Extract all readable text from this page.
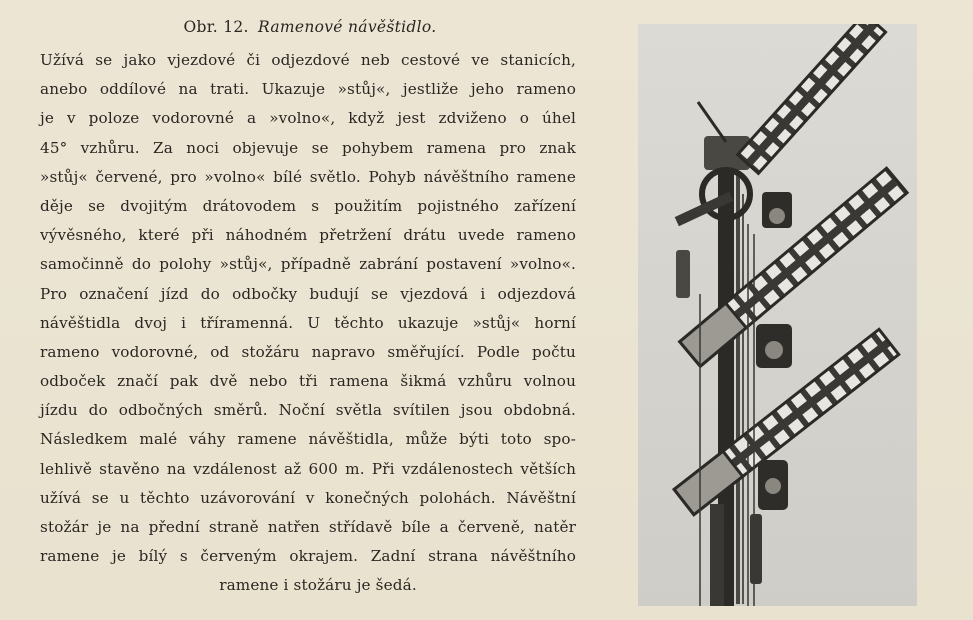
Obr. 12. Ramenové návěštidlo.
Užívá se jako vjezdové či odjezdové neb cestové ve stanicích,
anebo oddílové na trati. Ukazuje »stůj«, jestliže jeho rameno
je v poloze vodorovné a »volno«, když jest zdviženo o úhel
45° vzhůru. Za noci objevuje se pohybem ramena pro znak
»stůj« červené, pro »volno« bílé světlo. Pohyb návěštního ramene
děje se dvojitým drátovodem s použitím pojistného zařízení
vývěsného, které při náhodném přetržení drátu uvede rameno
samočinně do polohy »stůj«, případně zabrání postavení »volno«.
Pro označení jízd do odbočky budují se vjezdová i odjezdová
návěštidla dvoj i tříramenná. U těchto ukazuje »stůj« horní
rameno vodorovné, od stožáru napravo směřující. Podle počtu
odboček značí pak dvě nebo tři ramena šikmá vzhůru volnou
jízdu do odbočných směrů. Noční světla svítilen jsou obdobná.
Následkem malé váhy ramene návěštidla, může býti toto spo-
lehlivě stavěno na vzdálenost až 600 m. Při vzdálenostech větších
užívá se u těchto uzávorování v konečných polohách. Návěštní
stožár je na přední straně natřen střídavě bíle a červeně, natěr
ramene je bílý s červeným okrajem. Zadní strana návěštního
ramene i stožáru je šedá.
